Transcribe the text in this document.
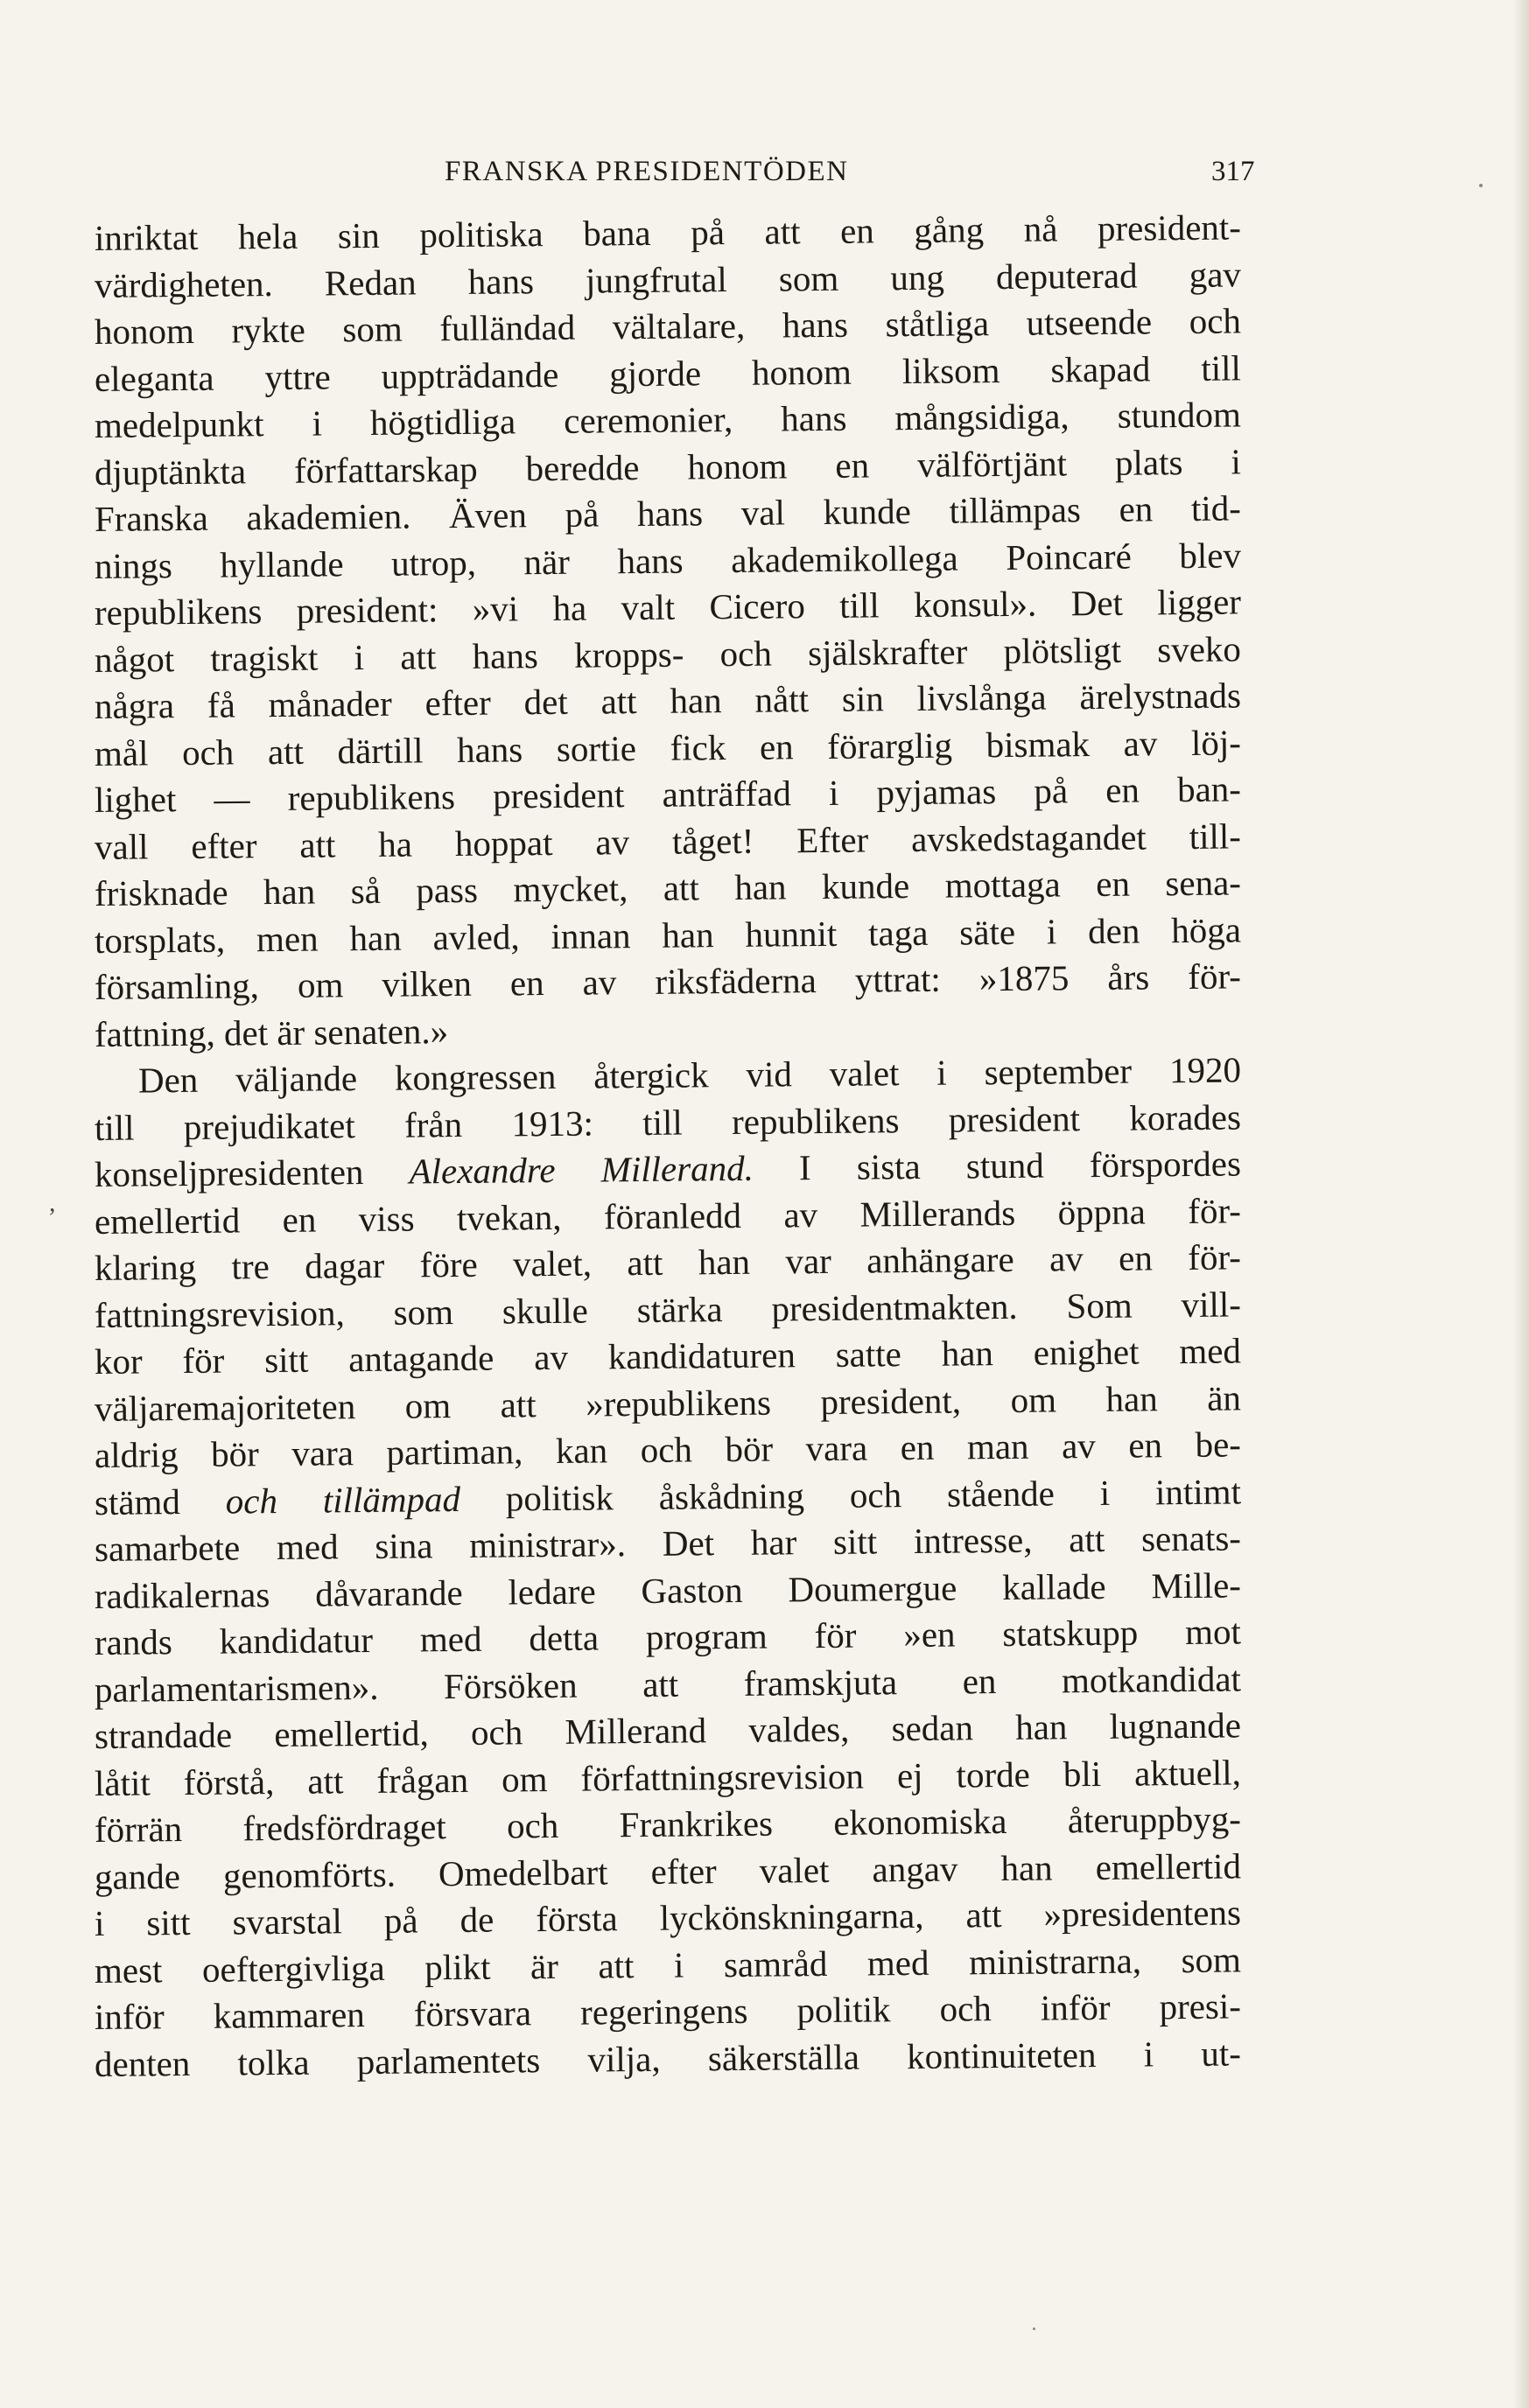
FRANSKA PRESIDENTÖDEN	317
,
inriktat hela sin politiska bana på att en gång nå president-
värdigheten. Redan hans jungfrutal som ung deputerad gav
honom rykte som fulländad vältalare, hans ståtliga utseende och
eleganta yttre uppträdande gjorde honom liksom skapad till
medelpunkt i högtidliga ceremonier, hans mångsidiga, stundom
djuptänkta författarskap beredde honom en välförtjänt plats i
Franska akademien. Även på hans val kunde tillämpas en tid-
nings hyllande utrop, när hans akademikollega Poincaré blev
republikens president: »vi ha valt Cicero till konsul». Det ligger
något tragiskt i att hans kropps- och själskrafter plötsligt sveko
några få månader efter det att han nått sin livslånga ärelystnads
mål och att därtill hans sortie fick en förarglig bismak av löj-
lighet — republikens president anträffad i pyjamas på en ban-
vall efter att ha hoppat av tåget! Efter avskedstagandet till-
frisknade han så pass mycket, att han kunde mottaga en sena-
torsplats, men han avled, innan han hunnit taga säte i den höga
församling, om vilken en av riksfäderna yttrat: »1875 års för-
fattning, det är senaten.»
Den väljande kongressen återgick vid valet i september 1920
till prejudikatet från 1913: till republikens president korades
konseljpresidenten Alexandre Millerand. I sista stund förspordes
emellertid en viss tvekan, föranledd av Millerands öppna för-
klaring tre dagar före valet, att han var anhängare av en för-
fattningsrevision, som skulle stärka presidentmakten. Som vill-
kor för sitt antagande av kandidaturen satte han enighet med
väljaremajoriteten om att »republikens president, om han än
aldrig bör vara partiman, kan och bör vara en man av en be-
stämd och tillämpad politisk åskådning och stående i intimt
samarbete med sina ministrar». Det har sitt intresse, att senats-
radikalernas dåvarande ledare Gaston Doumergue kallade Mille-
rands kandidatur med detta program för »en statskupp mot
parlamentarismen». Försöken att framskjuta en motkandidat
strandade emellertid, och Millerand valdes, sedan han lugnande
låtit förstå, att frågan om författningsrevision ej torde bli aktuell,
förrän fredsfördraget och Frankrikes ekonomiska återuppbyg-
gande genomförts. Omedelbart efter valet angav han emellertid
i sitt svarstal på de första lyckönskningarna, att »presidentens
mest oeftergivliga plikt är att i samråd med ministrarna, som
inför kammaren försvara regeringens politik och inför presi-
denten tolka parlamentets vilja, säkerställa kontinuiteten i ut-
